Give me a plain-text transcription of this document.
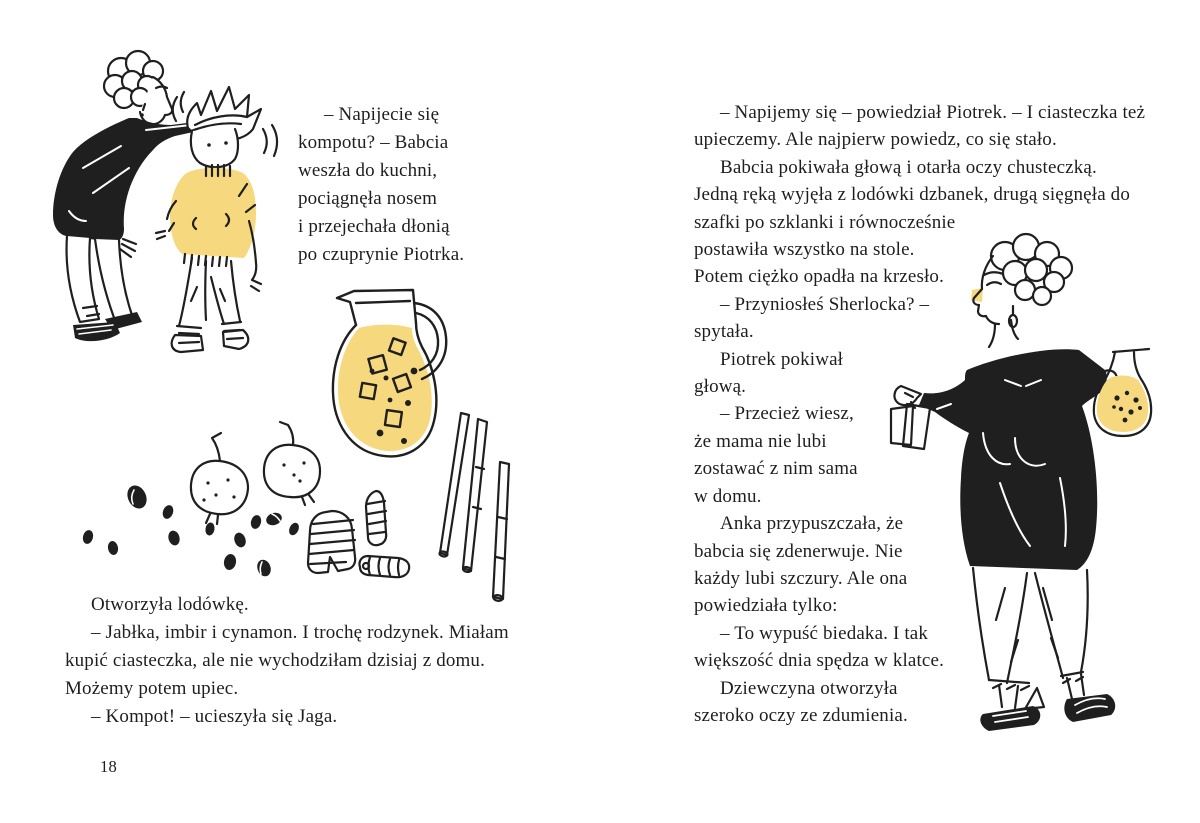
– Napijecie się
kompotu? – Babcia
weszła do kuchni,
pociągnęła nosem
i przejechała dłonią
po czuprynie Piotrka.
Otworzyła lodówkę.
– Jabłka, imbir i cynamon. I trochę rodzynek. Miałam
kupić ciasteczka, ale nie wychodziłam dzisiaj z domu.
Możemy potem upiec.
– Kompot! – ucieszyła się Jaga.
18
– Napijemy się – powiedział Piotrek. – I ciasteczka też
upieczemy. Ale najpierw powiedz, co się stało.
Babcia pokiwała głową i otarła oczy chusteczką.
Jedną ręką wyjęła z lodówki dzbanek, drugą sięgnęła do
szafki po szklanki i równocześnie
postawiła wszystko na stole.
Potem ciężko opadła na krzesło.
– Przyniosłeś Sherlocka? –
spytała.
Piotrek pokiwał
głową.
– Przecież wiesz,
że mama nie lubi
zostawać z nim sama
w domu.
Anka przypuszczała, że
babcia się zdenerwuje. Nie
każdy lubi szczury. Ale ona
powiedziała tylko:
– To wypuść biedaka. I tak
większość dnia spędza w klatce.
Dziewczyna otworzyła
szeroko oczy ze zdumienia.
